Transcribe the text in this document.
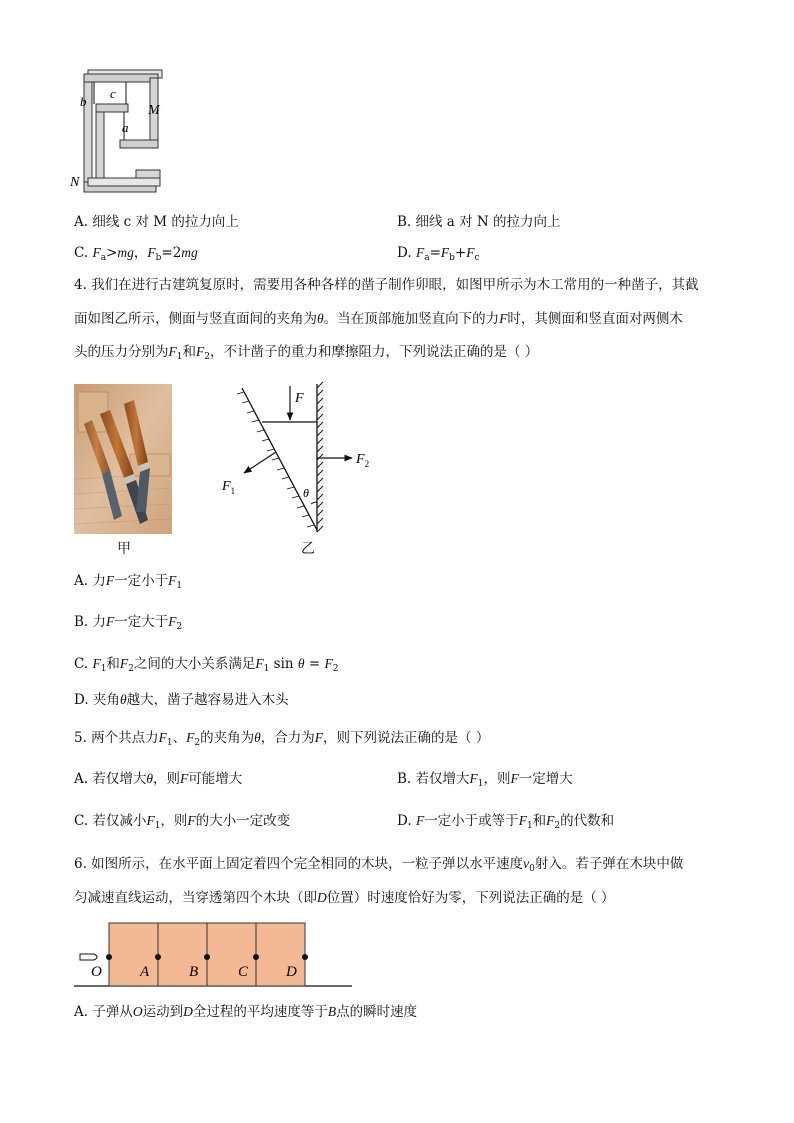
b
c
a
M
N
A. 细线 c 对 M 的拉力向上	B. 细线 a 对 N 的拉力向上
C. $F_a>mg$，$F_b=2mg$	D. $F_a=F_b+F_c$
4. 我们在进行古建筑复原时，需要用各种各样的凿子制作卯眼，如图甲所示为木工常用的一种凿子，其截
面如图乙所示，侧面与竖直面间的夹角为θ。当在顶部施加竖直向下的力F时，其侧面和竖直面对两侧木
头的压力分别为$F_1$和$F_2$，不计凿子的重力和摩擦阻力，下列说法正确的是（ ）
甲
F
$F_2$
$F_1$	θ
乙
A. 力F一定小于$F_1$
B. 力F一定大于$F_2$
C. $F_1$和$F_2$之间的大小关系满足$F_1$ $\sin \theta = F_2$
D. 夹角θ越大，凿子越容易进入木头
5. 两个共点力$F_1$、$F_2$的夹角为θ，合力为F，则下列说法正确的是（ ）
A. 若仅增大θ，则F可能增大	B. 若仅增大$F_1$，则F一定增大
C. 若仅减小$F_1$，则F的大小一定改变	D. F一定小于或等于$F_1$和$F_2$的代数和
6. 如图所示，在水平面上固定着四个完全相同的木块，一粒子弹以水平速度$v_0$射入。若子弹在木块中做
匀减速直线运动，当穿透第四个木块（即D位置）时速度恰好为零，下列说法正确的是（ ）
O	A	B	C	D
A. 子弹从O运动到D全过程的平均速度等于B点的瞬时速度
